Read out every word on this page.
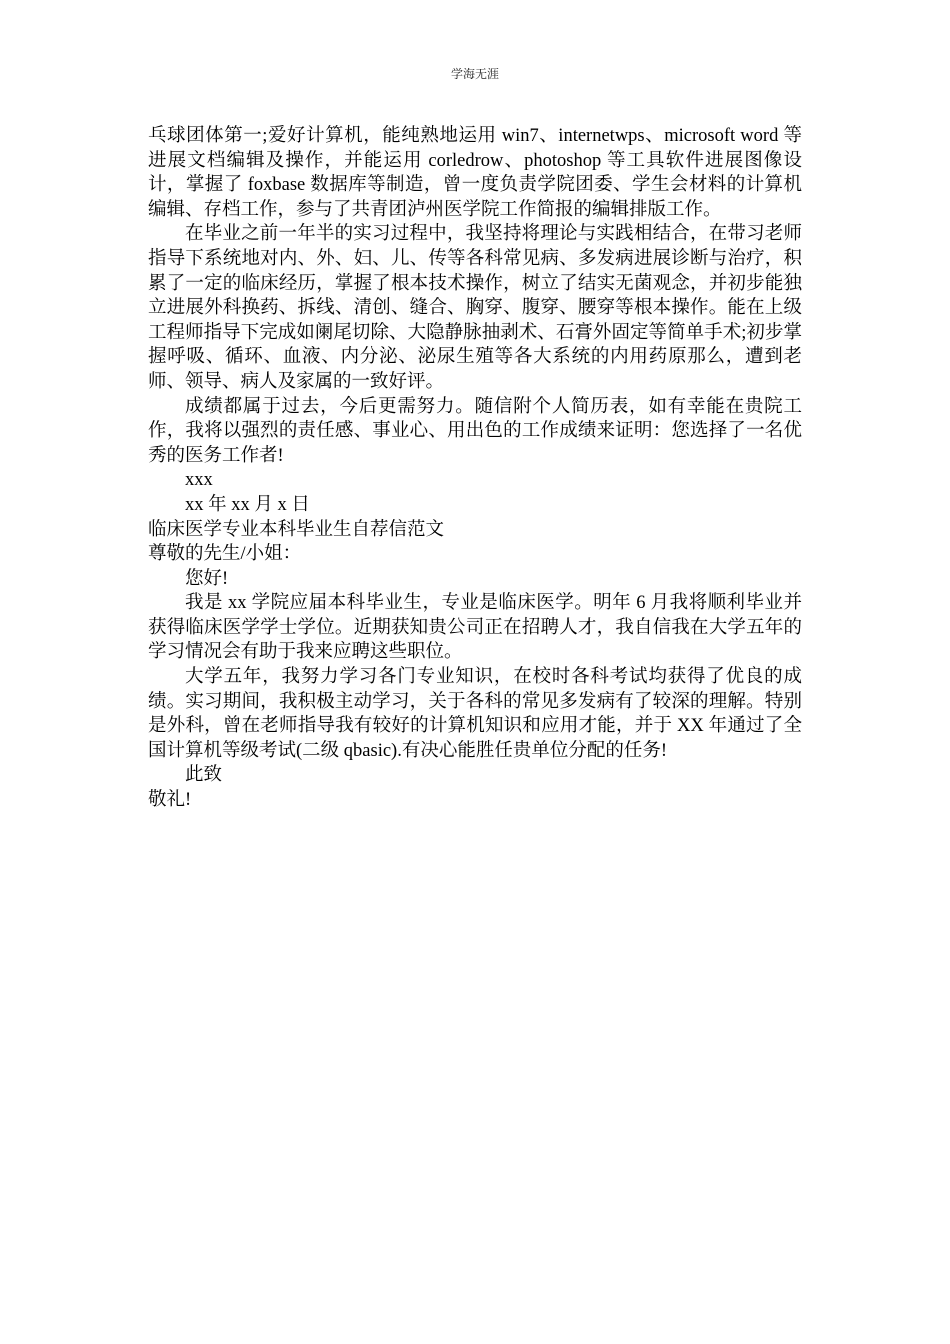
学海无涯

乓球团体第一;爱好计算机，能纯熟地运用 win7、internetwps、microsoft word 等进展文档编辑及操作，并能运用 corledrow、photoshop 等工具软件进展图像设计，掌握了 foxbase 数据库等制造，曾一度负责学院团委、学生会材料的计算机编辑、存档工作，参与了共青团泸州医学院工作简报的编辑排版工作。

在毕业之前一年半的实习过程中，我坚持将理论与实践相结合，在带习老师指导下系统地对内、外、妇、儿、传等各科常见病、多发病进展诊断与治疗，积累了一定的临床经历，掌握了根本技术操作，树立了结实无菌观念，并初步能独立进展外科换药、拆线、清创、缝合、胸穿、腹穿、腰穿等根本操作。能在上级工程师指导下完成如阑尾切除、大隐静脉抽剥术、石膏外固定等简单手术;初步掌握呼吸、循环、血液、内分泌、泌尿生殖等各大系统的内用药原那么，遭到老师、领导、病人及家属的一致好评。

成绩都属于过去，今后更需努力。随信附个人简历表，如有幸能在贵院工作，我将以强烈的责任感、事业心、用出色的工作成绩来证明：您选择了一名优秀的医务工作者!

xxx

xx 年 xx 月 x 日

临床医学专业本科毕业生自荐信范文

尊敬的先生/小姐：

您好!

我是 xx 学院应届本科毕业生，专业是临床医学。明年 6 月我将顺利毕业并获得临床医学学士学位。近期获知贵公司正在招聘人才，我自信我在大学五年的学习情况会有助于我来应聘这些职位。

大学五年，我努力学习各门专业知识，在校时各科考试均获得了优良的成绩。实习期间，我积极主动学习，关于各科的常见多发病有了较深的理解。特别是外科，曾在老师指导我有较好的计算机知识和应用才能，并于 XX 年通过了全国计算机等级考试(二级 qbasic).有决心能胜任贵单位分配的任务!

此致

敬礼!
